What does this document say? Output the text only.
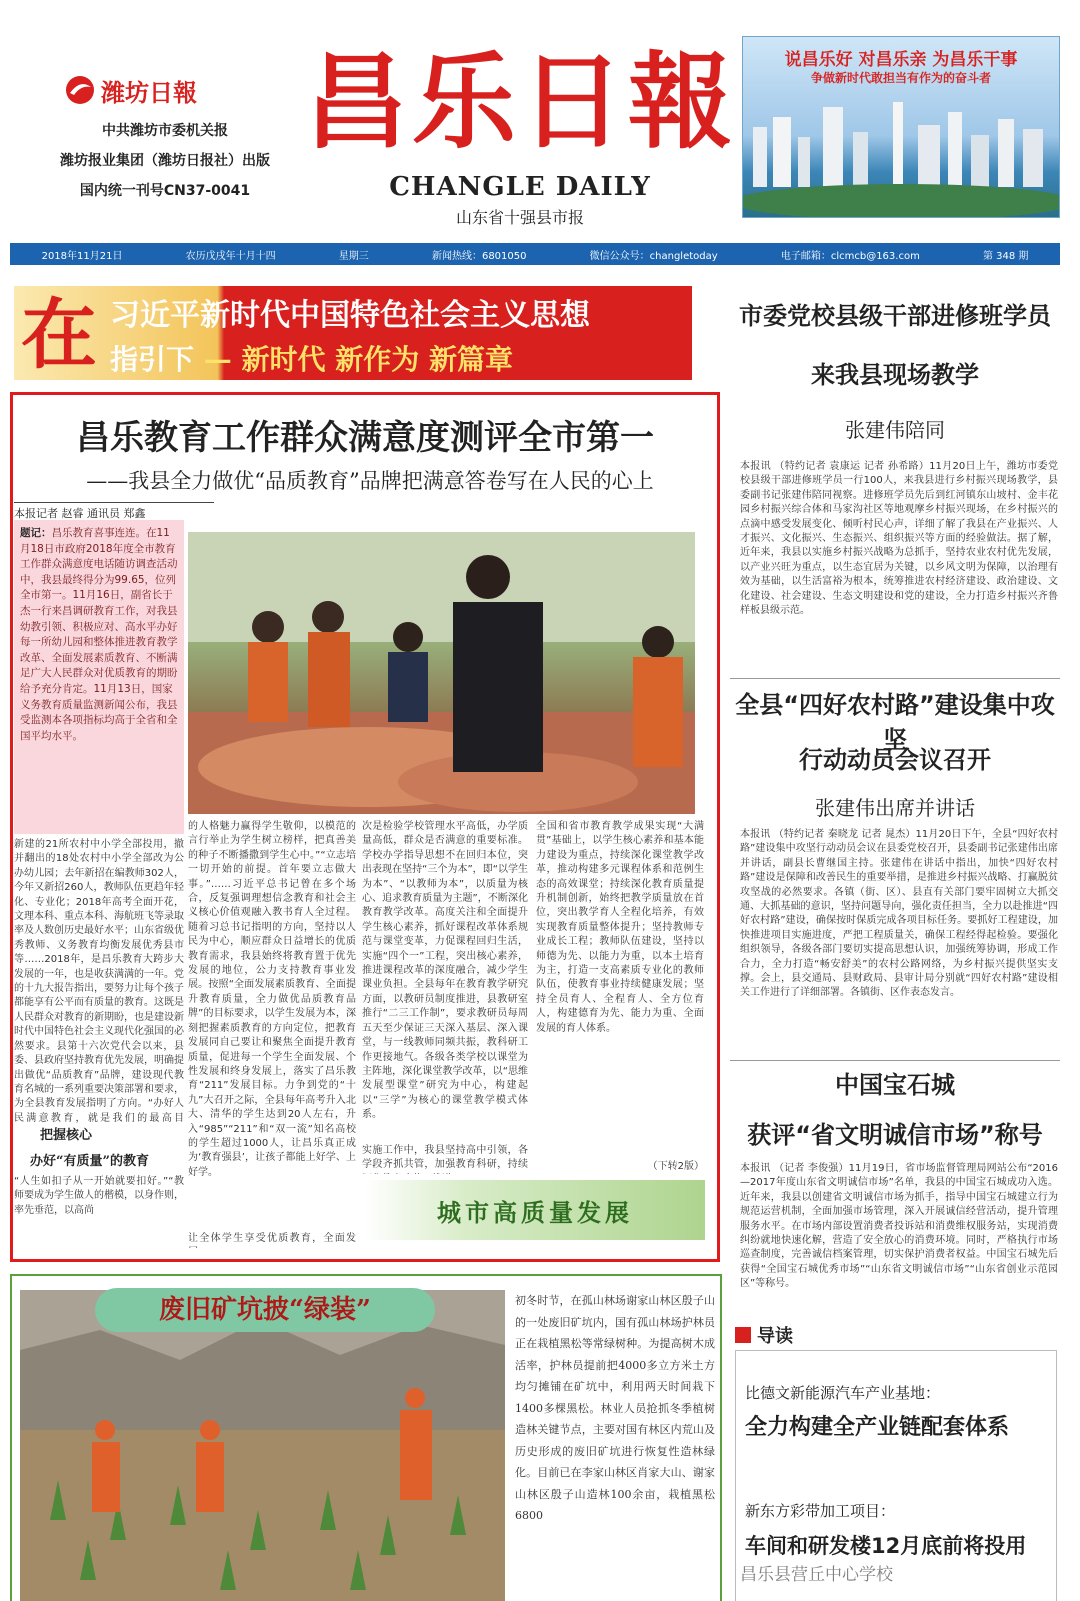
潍坊日報
中共潍坊市委机关报
潍坊报业集团（潍坊日报社）出版
国内统一刊号CN37-0041
昌乐日報
CHANGLE DAILY
山东省十强县市报
说昌乐好 对昌乐亲 为昌乐干事
争做新时代敢担当有作为的奋斗者
2018年11月21日	农历戊戌年十月十四	星期三	新闻热线：6801050	微信公众号：changletoday	电子邮箱：clcmcb@163.com	第 348 期
在 习近平新时代中国特色社会主义思想
指引下 — 新时代 新作为 新篇章
昌乐教育工作群众满意度测评全市第一
——我县全力做优“品质教育”品牌把满意答卷写在人民的心上
本报记者 赵睿 通讯员 郑鑫
题记：昌乐教育喜事连连。在11月18日市政府2018年度全市教育工作群众满意度电话随访调查活动中，我县最终得分为99.65，位列全市第一。11月16日，副省长于杰一行来昌调研教育工作，对我县幼教引领、积极应对、高水平办好每一所幼儿园和整体推进教育教学改革、全面发展素质教育、不断满足广大人民群众对优质教育的期盼给予充分肯定。11月13日，国家义务教育质量监测新闻公布，我县受监测本各项指标均高于全省和全国平均水平。
新建的21所农村中小学全部投用，撤并翻出的18处农村中小学全部改为公办幼儿园；去年新招在编教师302人，今年又新招260人，教师队伍更趋年轻化、专业化；2018年高考全面开花，文理本科、重点本科、海航班飞等录取率及人数创历史最好水平；山东省级优秀教师、义务教育均衡发展优秀县市等……2018年，是昌乐教育大跨步大发展的一年，也是收获满满的一年。党的十九大报告指出，要努力让每个孩子都能享有公平而有质量的教育。这既是人民群众对教育的新期盼，也是建设新时代中国特色社会主义现代化强国的必然要求。县第十六次党代会以来，县委、县政府坚持教育优先发展，明确提出做优“品质教育”品牌，建设现代教育名城的一系列重要决策部署和要求，为全县教育发展指明了方向。“办好人民满意教育，就是我们的最高目
把握核心
办好“有质量”的教育
“人生如扣子从一开始就要扣好。”“教师要成为学生做人的楷模，以身作则，率先垂范，以高尚
的人格魅力赢得学生敬仰，以模范的言行举止为学生树立榜样，把真善美的种子不断播撒到学生心中。”“立志培一切开始的前提。首年要立志做大事。”……习近平总书记曾在多个场合，反复强调理想信念教育和社会主义核心价值观融入教书育人全过程。随着习总书记指明的方向，坚持以人民为中心，顺应群众日益增长的优质教育需求，我县始终将教育置于优先发展的地位，公力支持教育事业发展。按照“全面发展素质教育、全面提升教育质量，全力做优品质教育品牌”的目标要求，以学生发展为本，深刻把握素质教育的方向定位，把教育发展同自己要让和聚焦全面提升教育质量，促进每一个学生全面发展、个性发展和终身发展上，落实了昌乐教育“211”发展目标。力争到党的“十九”大召开之际，全县每年高考升入北大、清华的学生达到20人左右，升入“985”“211”和“双一流”知名高校的学生超过1000人，让昌乐真正成为‘教育强县’，让孩子都能上好学、上好学。
让全体学生享受优质教育，全面发
次是检验学校管理水平高低，办学质量高低，群众是否满意的重要标准。学校办学指导思想不在回归本位，突出表现在坚持“三个为本”，即“以学生为本”、“以教师为本”，以质量为核心、追求教育质量为主题”，不断深化教育教学改革。高度关注和全面提升学生核心素养，抓好课程改革体系规范与课堂变革，力促课程回归生活，实施“四个一”工程，突出核心素养，推进课程改革的深度融合，减少学生课业负担。全县每年在教育教学研究方面，以教研员制度推进，县教研室推行“二三工作制”，要求教研员每周五天至少保证三天深入基层、深入课堂，与一线教师同频共振，教科研工作更接地气。各级各类学校以课堂为主阵地，深化课堂教学改革，以“思维发展型课堂”研究为中心，构建起以“三学”为核心的课堂教学模式体系。
实施工作中，我县坚持高中引领，各学段齐抓共管，加强教育科研，持续
全国和省市教育教学成果实现“大满贯”基础上，以学生核心素养和基本能力建设为重点，持续深化课堂教学改革，推动构建多元课程体系和范例生态的高效课堂；持续深化教育质量提升机制创新，始终把教学质量放在首位，突出教学育人全程化培养，有效实现教育质量整体提升；坚持教师专业成长工程；教师队伍建设，坚持以师德为先、以能力为重，以本土培育为主，打造一支高素质专业化的教师队伍，使教育事业持续健康发展；坚持全员育人、全程育人、全方位育人，构建德育为先、能力为重、全面发展的育人体系。
（下转2版）
城市高质量发展
市委党校县级干部进修班学员
来我县现场教学
张建伟陪同
本报讯 （特约记者 袁康运 记者 孙希路）11月20日上午，潍坊市委党校县级干部进修班学员一行100人，来我县进行乡村振兴现场教学，县委副书记张建伟陪同视察。进修班学员先后到红河镇东山坡村、金丰花园乡村振兴综合体和马家沟社区等地观摩乡村振兴现场，在乡村振兴的点滴中感受发展变化、倾听村民心声，详细了解了我县在产业振兴、人才振兴、文化振兴、生态振兴、组织振兴等方面的经验做法。据了解，近年来，我县以实施乡村振兴战略为总抓手，坚持农业农村优先发展，以产业兴旺为重点，以生态宜居为关键，以乡风文明为保障，以治理有效为基础，以生活富裕为根本，统筹推进农村经济建设、政治建设、文化建设、社会建设、生态文明建设和党的建设，全力打造乡村振兴齐鲁样板县级示范。
全县“四好农村路”建设集中攻坚
行动动员会议召开
张建伟出席并讲话
本报讯 （特约记者 秦晓龙 记者 晁杰）11月20日下午，全县“四好农村路”建设集中攻坚行动动员会议在县委党校召开，县委副书记张建伟出席并讲话，副县长曹继国主持。张建伟在讲话中指出，加快“四好农村路”建设是保障和改善民生的重要举措，是推进乡村振兴战略、打赢脱贫攻坚战的必然要求。各镇（街、区）、县直有关部门要牢固树立大抓交通、大抓基础的意识，坚持问题导向，强化责任担当，全力以赴推进“四好农村路”建设，确保按时保质完成各项目标任务。要抓好工程建设，加快推进项目实施进度，严把工程质量关，确保工程经得起检验。要强化组织领导，各级各部门要切实提高思想认识，加强统筹协调，形成工作合力，全力打造“畅安舒美”的农村公路网络，为乡村振兴提供坚实支撑。会上，县交通局、县财政局、县审计局分别就“四好农村路”建设相关工作进行了详细部署。各镇街、区作表态发言。
中国宝石城
获评“省文明诚信市场”称号
本报讯 （记者 李俊强）11月19日，省市场监督管理局网站公布“2016—2017年度山东省文明诚信市场”名单，我县的中国宝石城成功入选。近年来，我县以创建省文明诚信市场为抓手，指导中国宝石城建立行为规范运营机制，全面加强市场管理，深入开展诚信经营活动，提升管理服务水平。在市场内部设置消费者投诉站和消费维权服务站，实现消费纠纷就地快速化解，营造了安全放心的消费环境。同时，严格执行市场巡查制度，完善诚信档案管理，切实保护消费者权益。中国宝石城先后获得“全国宝石城优秀市场”“山东省文明诚信市场”“山东省创业示范园区”等称号。
导读
比德文新能源汽车产业基地：
全力构建全产业链配套体系
新东方彩带加工项目：
车间和研发楼12月底前将投用
废旧矿坑披“绿装”	初冬时节，在孤山林场谢家山林区殷子山的一处废旧矿坑内，国有孤山林场护林员正在栽植黑松等常绿树种。为提高树木成活率，护林员提前把4000多立方米土方均匀摊铺在矿坑中，利用两天时间栽下1400多棵黑松。林业人员抢抓冬季植树造林关键节点，主要对国有林区内荒山及历史形成的废旧矿坑进行恢复性造林绿化。目前已在李家山林区肖家大山、谢家山林区殷子山造林100余亩，栽植黑松6800
昌乐县营丘中心学校
